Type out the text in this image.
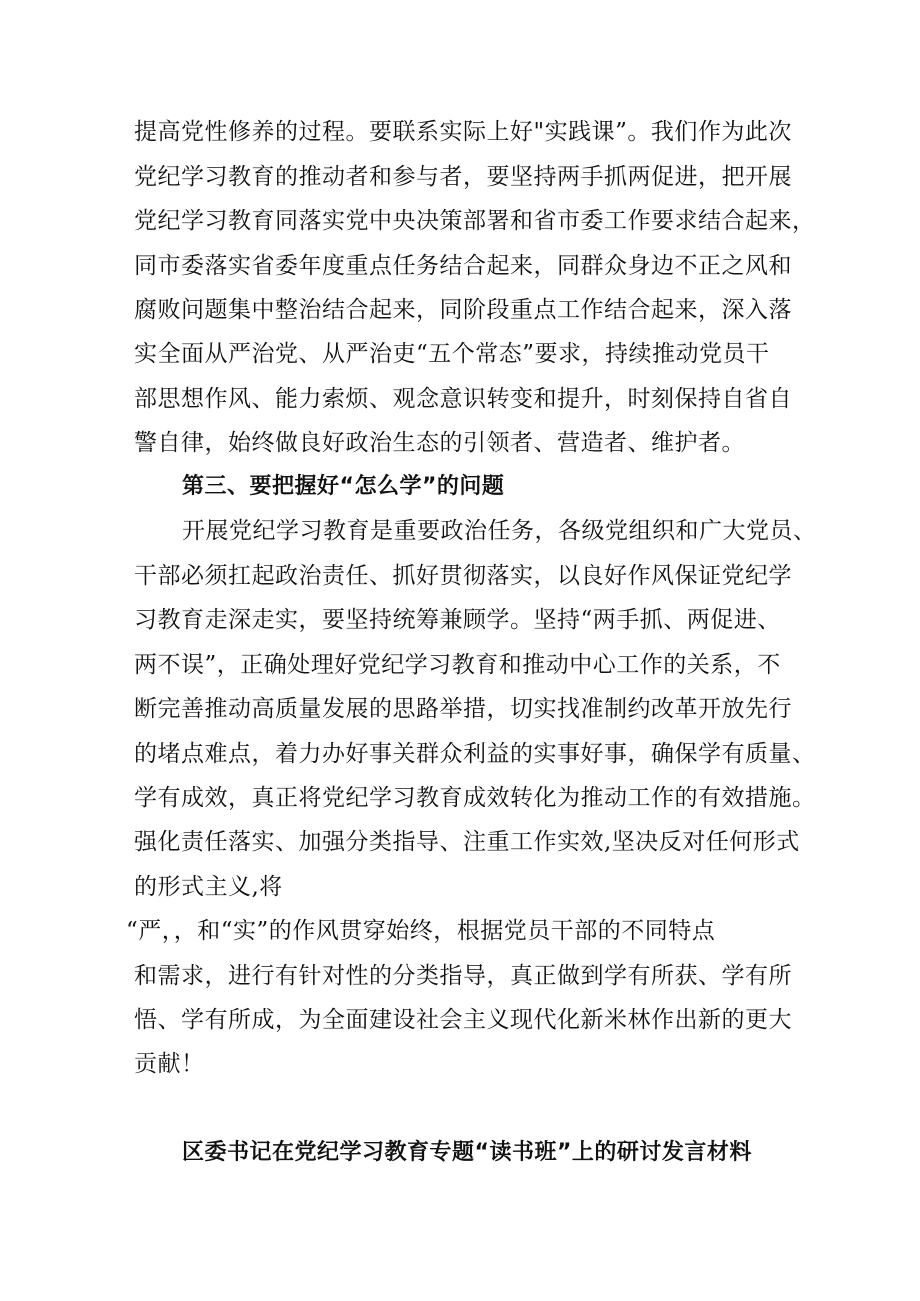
提高党性修养的过程。要联系实际上好"实践课”。我们作为此次
党纪学习教育的推动者和参与者，要坚持两手抓两促进，把开展
党纪学习教育同落实党中央决策部署和省市委工作要求结合起来，
同市委落实省委年度重点任务结合起来，同群众身边不正之风和
腐败问题集中整治结合起来，同阶段重点工作结合起来，深入落
实全面从严治党、从严治吏“五个常态”要求，持续推动党员干
部思想作风、能力索烦、观念意识转变和提升，时刻保持自省自
警自律，始终做良好政治生态的引领者、营造者、维护者。
第三、要把握好“怎么学”的问题
开展党纪学习教育是重要政治任务，各级党组织和广大党员、
干部必须扛起政治责任、抓好贯彻落实，以良好作风保证党纪学
习教育走深走实，要坚持统筹兼顾学。坚持“两手抓、两促进、
两不误”，正确处理好党纪学习教育和推动中心工作的关系，不
断完善推动高质量发展的思路举措，切实找准制约改革开放先行
的堵点难点，着力办好事关群众利益的实事好事，确保学有质量、
学有成效，真正将党纪学习教育成效转化为推动工作的有效措施。
强化责任落实、加强分类指导、注重工作实效,坚决反对任何形式
的形式主义,将
“严，，和“实”的作风贯穿始终，根据党员干部的不同特点
和需求，进行有针对性的分类指导，真正做到学有所获、学有所
悟、学有所成，为全面建设社会主义现代化新米林作出新的更大
贡献！
区委书记在党纪学习教育专题“读书班”上的研讨发言材料
